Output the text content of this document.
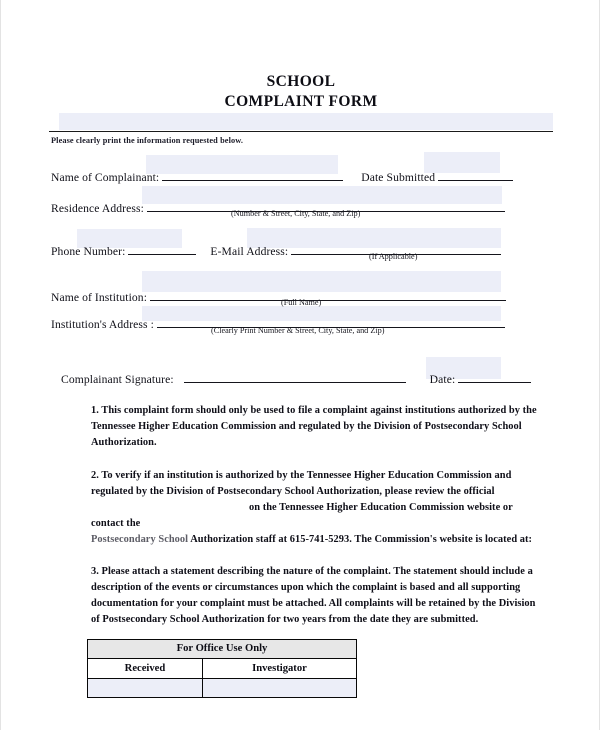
SCHOOL
COMPLAINT FORM
Please clearly print the information requested below.
Name of Complainant:	Date Submitted
Residence Address:	(Number & Street, City, State, and Zip)
Phone Number:	E-Mail Address:	(If Applicable)
Name of Institution:	(Full Name)
Institution's Address :	(Clearly Print Number & Street, City, State, and Zip)
Complainant Signature:	Date:
1. This complaint form should only be used to file a complaint against institutions authorized by the Tennessee Higher Education Commission and regulated by the Division of Postsecondary School Authorization.
2. To verify if an institution is authorized by the Tennessee Higher Education Commission and regulated by the Division of Postsecondary School Authorization, please review the official
on the Tennessee Higher Education Commission website or contact the
Postsecondary School Authorization staff at 615-741-5293. The Commission's website is located at:
3. Please attach a statement describing the nature of the complaint. The statement should include a description of the events or circumstances upon which the complaint is based and all supporting documentation for your complaint must be attached. All complaints will be retained by the Division of Postsecondary School Authorization for two years from the date they are submitted.
For Office Use Only	
Received	Investigator
